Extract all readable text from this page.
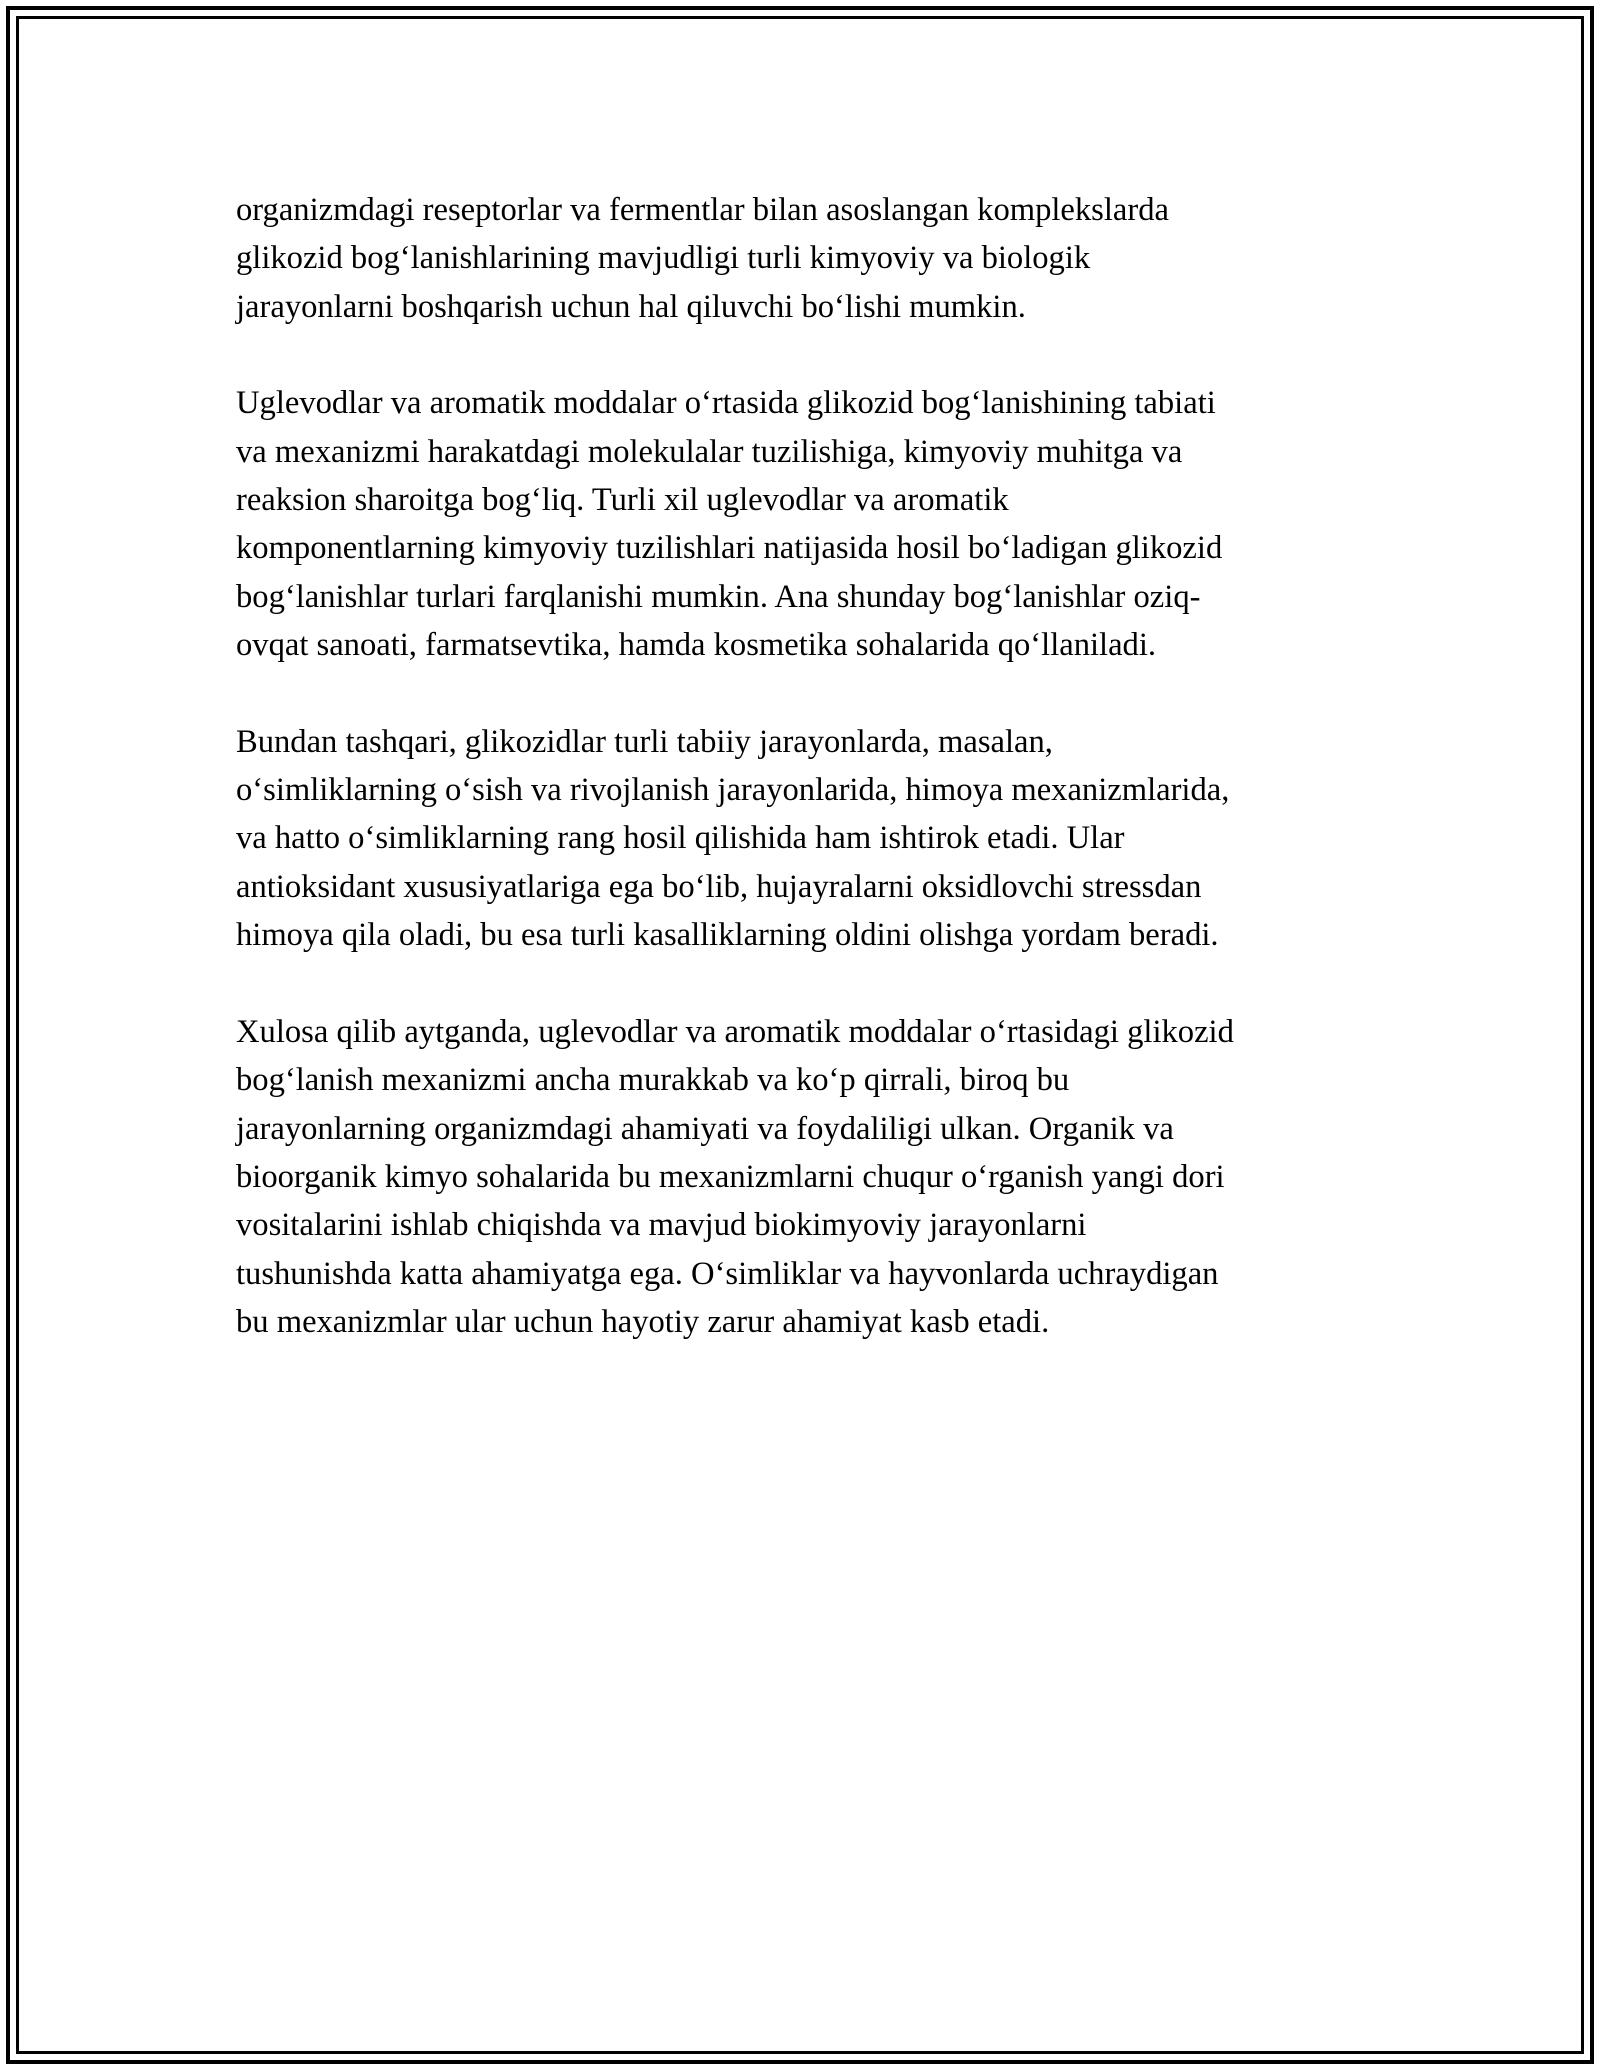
organizmdagi reseptorlar va fermentlar bilan asoslangan komplekslarda
glikozid bog‘lanishlarining mavjudligi turli kimyoviy va biologik
jarayonlarni boshqarish uchun hal qiluvchi bo‘lishi mumkin.

Uglevodlar va aromatik moddalar o‘rtasida glikozid bog‘lanishining tabiati
va mexanizmi harakatdagi molekulalar tuzilishiga, kimyoviy muhitga va
reaksion sharoitga bog‘liq. Turli xil uglevodlar va aromatik
komponentlarning kimyoviy tuzilishlari natijasida hosil bo‘ladigan glikozid
bog‘lanishlar turlari farqlanishi mumkin. Ana shunday bog‘lanishlar oziq-
ovqat sanoati, farmatsevtika, hamda kosmetika sohalarida qo‘llaniladi.

Bundan tashqari, glikozidlar turli tabiiy jarayonlarda, masalan,
o‘simliklarning o‘sish va rivojlanish jarayonlarida, himoya mexanizmlarida,
va hatto o‘simliklarning rang hosil qilishida ham ishtirok etadi. Ular
antioksidant xususiyatlariga ega bo‘lib, hujayralarni oksidlovchi stressdan
himoya qila oladi, bu esa turli kasalliklarning oldini olishga yordam beradi.

Xulosa qilib aytganda, uglevodlar va aromatik moddalar o‘rtasidagi glikozid
bog‘lanish mexanizmi ancha murakkab va ko‘p qirrali, biroq bu
jarayonlarning organizmdagi ahamiyati va foydaliligi ulkan. Organik va
bioorganik kimyo sohalarida bu mexanizmlarni chuqur o‘rganish yangi dori
vositalarini ishlab chiqishda va mavjud biokimyoviy jarayonlarni
tushunishda katta ahamiyatga ega. O‘simliklar va hayvonlarda uchraydigan
bu mexanizmlar ular uchun hayotiy zarur ahamiyat kasb etadi.
